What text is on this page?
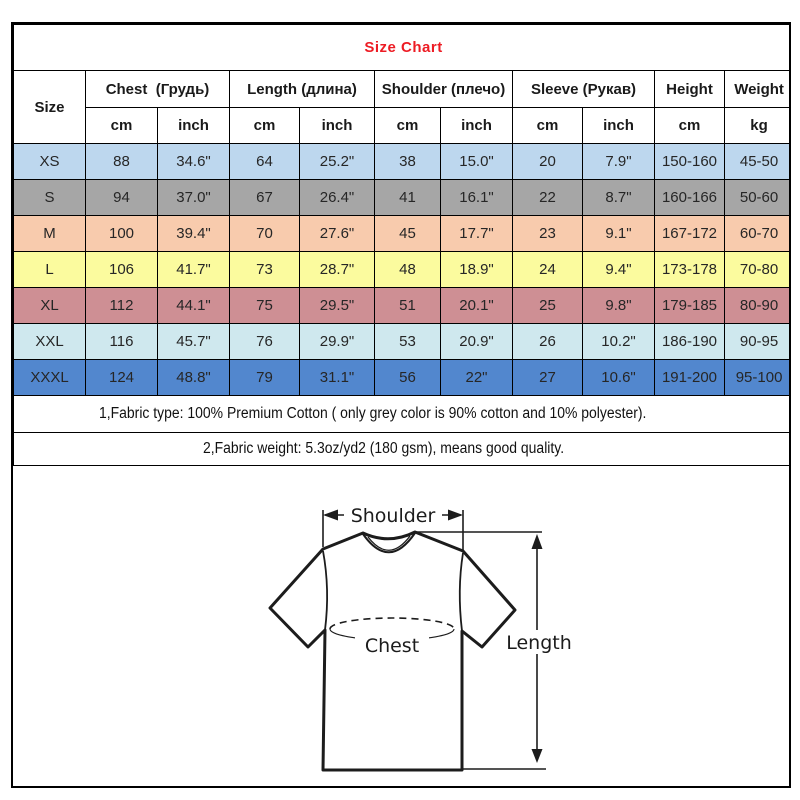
Size Chart										
Size	Chest  (Грудь)		Length (длина)		Shoulder (плечо)		Sleeve (Рукав)		Height	Weight
	cm	inch	cm	inch	cm	inch	cm	inch	cm	kg
XS	88	34.6"	64	25.2"	38	15.0"	20	7.9"	150-160	45-50
S	94	37.0"	67	26.4"	41	16.1"	22	8.7"	160-166	50-60
M	100	39.4"	70	27.6"	45	17.7"	23	9.1"	167-172	60-70
L	106	41.7"	73	28.7"	48	18.9"	24	9.4"	173-178	70-80
XL	112	44.1"	75	29.5"	51	20.1"	25	9.8"	179-185	80-90
XXL	116	45.7"	76	29.9"	53	20.9"	26	10.2"	186-190	90-95
XXXL	124	48.8"	79	31.1"	56	22"	27	10.6"	191-200	95-100
1,Fabric type: 100% Premium Cotton ( only grey color is 90% cotton and 10% polyester).										
2,Fabric weight: 5.3oz/yd2 (180 gsm), means good quality.										
Shoulder
Length
Chest
